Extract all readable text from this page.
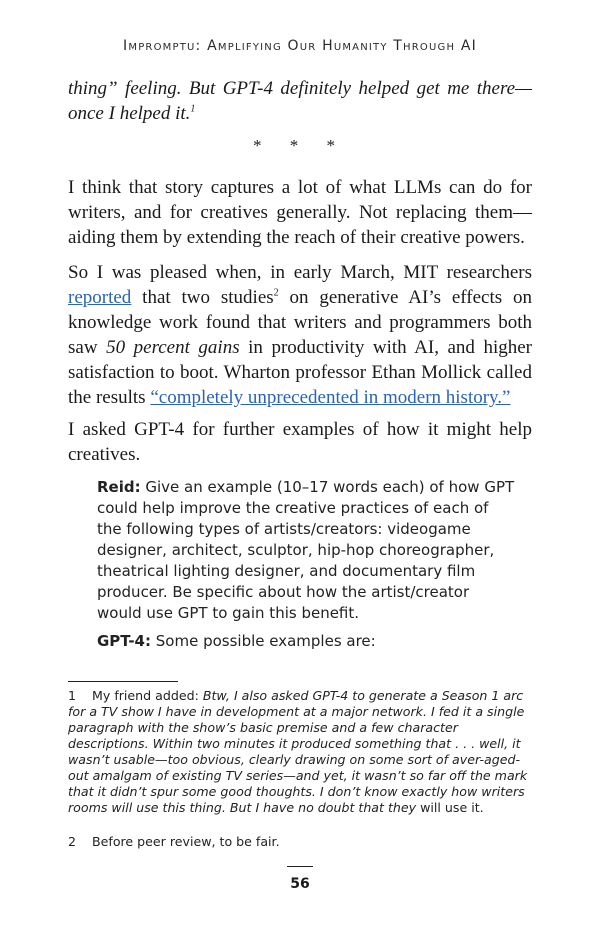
Impromptu: Amplifying Our Humanity Through AI
thing” feeling. But GPT-4 definitely helped get me there—once I helped it.$^1$
* * *
I think that story captures a lot of what LLMs can do for writers, and for creatives generally. Not replacing them—aiding them by extending the reach of their creative powers.
So I was pleased when, in early March, MIT researchers reported that two studies$^2$ on generative AI’s effects on knowledge work found that writers and programmers both saw 50 percent gains in productivity with AI, and higher satisfaction to boot. Wharton professor Ethan Mollick called the results “completely unprecedented in modern history.”
I asked GPT-4 for further examples of how it might help creatives.
Reid: Give an example (10–17 words each) of how GPT could help improve the creative practices of each of the following types of artists/creators: videogame designer, architect, sculptor, hip-hop choreographer, theatrical lighting designer, and documentary film producer. Be specific about how the artist/creator would use GPT to gain this benefit.
GPT-4: Some possible examples are:
1 My friend added: Btw, I also asked GPT-4 to generate a Season 1 arc for a TV show I have in development at a major network. I fed it a single paragraph with the show’s basic premise and a few character descriptions. Within two minutes it produced something that . . . well, it wasn’t usable—too obvious, clearly drawing on some sort of aver-aged-out amalgam of existing TV series—and yet, it wasn’t so far off the mark that it didn’t spur some good thoughts. I don’t know exactly how writers rooms will use this thing. But I have no doubt that they will use it.
2 Before peer review, to be fair.
56
